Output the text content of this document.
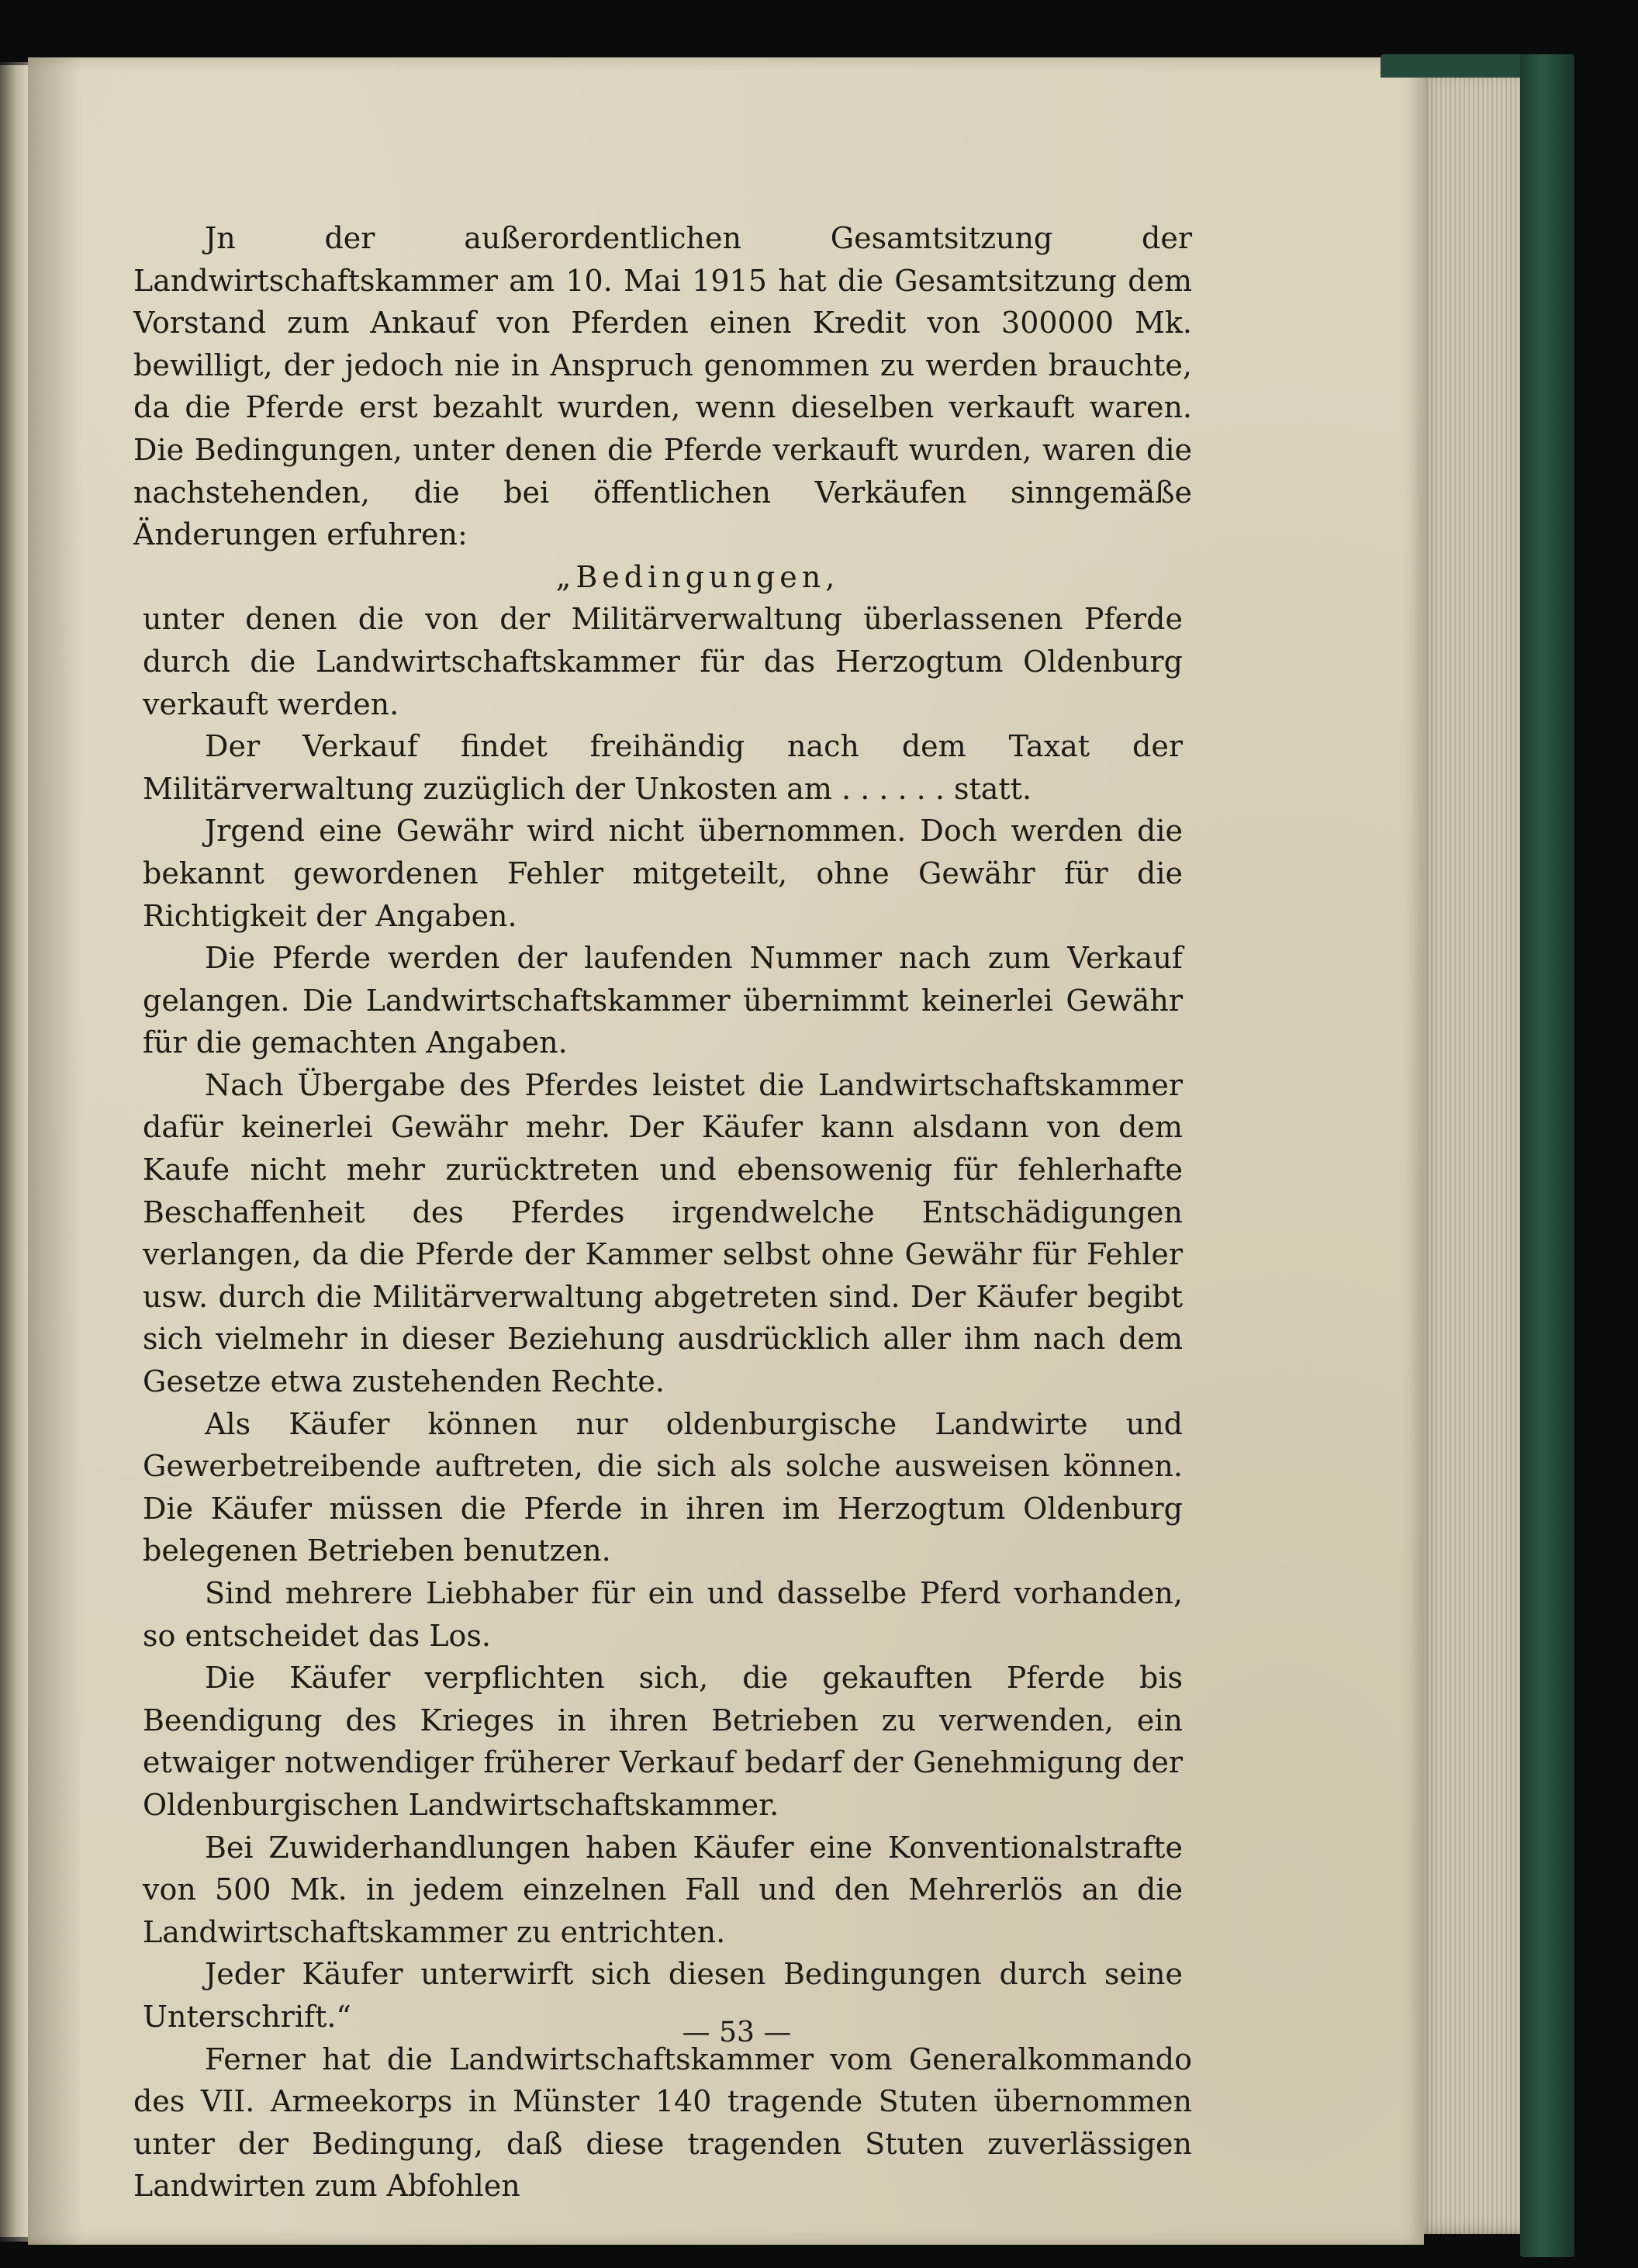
Jn der außerordentlichen Gesamtsitzung der Landwirtschaftskammer am 10. Mai 1915 hat die Gesamtsitzung dem Vorstand zum Ankauf von Pferden einen Kredit von 300000 Mk. bewilligt, der jedoch nie in Anspruch genommen zu werden brauchte, da die Pferde erst bezahlt wurden, wenn dieselben verkauft waren. Die Bedingungen, unter denen die Pferde verkauft wurden, waren die nachstehenden, die bei öffentlichen Verkäufen sinngemäße Änderungen erfuhren:

„Bedingungen,

unter denen die von der Militärverwaltung überlassenen Pferde durch die Landwirtschaftskammer für das Herzogtum Oldenburg verkauft werden.

Der Verkauf findet freihändig nach dem Taxat der Militärverwaltung zuzüglich der Unkosten am . . . . . . statt.

Jrgend eine Gewähr wird nicht übernommen. Doch werden die bekannt gewordenen Fehler mitgeteilt, ohne Gewähr für die Richtigkeit der Angaben.

Die Pferde werden der laufenden Nummer nach zum Verkauf gelangen. Die Landwirtschaftskammer übernimmt keinerlei Gewähr für die gemachten Angaben.

Nach Übergabe des Pferdes leistet die Landwirtschaftskammer dafür keinerlei Gewähr mehr. Der Käufer kann alsdann von dem Kaufe nicht mehr zurücktreten und ebensowenig für fehlerhafte Beschaffenheit des Pferdes irgendwelche Entschädigungen verlangen, da die Pferde der Kammer selbst ohne Gewähr für Fehler usw. durch die Militärverwaltung abgetreten sind. Der Käufer begibt sich vielmehr in dieser Beziehung ausdrücklich aller ihm nach dem Gesetze etwa zustehenden Rechte.

Als Käufer können nur oldenburgische Landwirte und Gewerbetreibende auftreten, die sich als solche ausweisen können. Die Käufer müssen die Pferde in ihren im Herzogtum Oldenburg belegenen Betrieben benutzen.

Sind mehrere Liebhaber für ein und dasselbe Pferd vorhanden, so entscheidet das Los.

Die Käufer verpflichten sich, die gekauften Pferde bis Beendigung des Krieges in ihren Betrieben zu verwenden, ein etwaiger notwendiger früherer Verkauf bedarf der Genehmigung der Oldenburgischen Landwirtschaftskammer.

Bei Zuwiderhandlungen haben Käufer eine Konventionalstrafte von 500 Mk. in jedem einzelnen Fall und den Mehrerlös an die Landwirtschaftskammer zu entrichten.

Jeder Käufer unterwirft sich diesen Bedingungen durch seine Unterschrift.“

Ferner hat die Landwirtschaftskammer vom Generalkommando des VII. Armeekorps in Münster 140 tragende Stuten übernommen unter der Bedingung, daß diese tragenden Stuten zuverlässigen Landwirten zum Abfohlen

— 53 —
